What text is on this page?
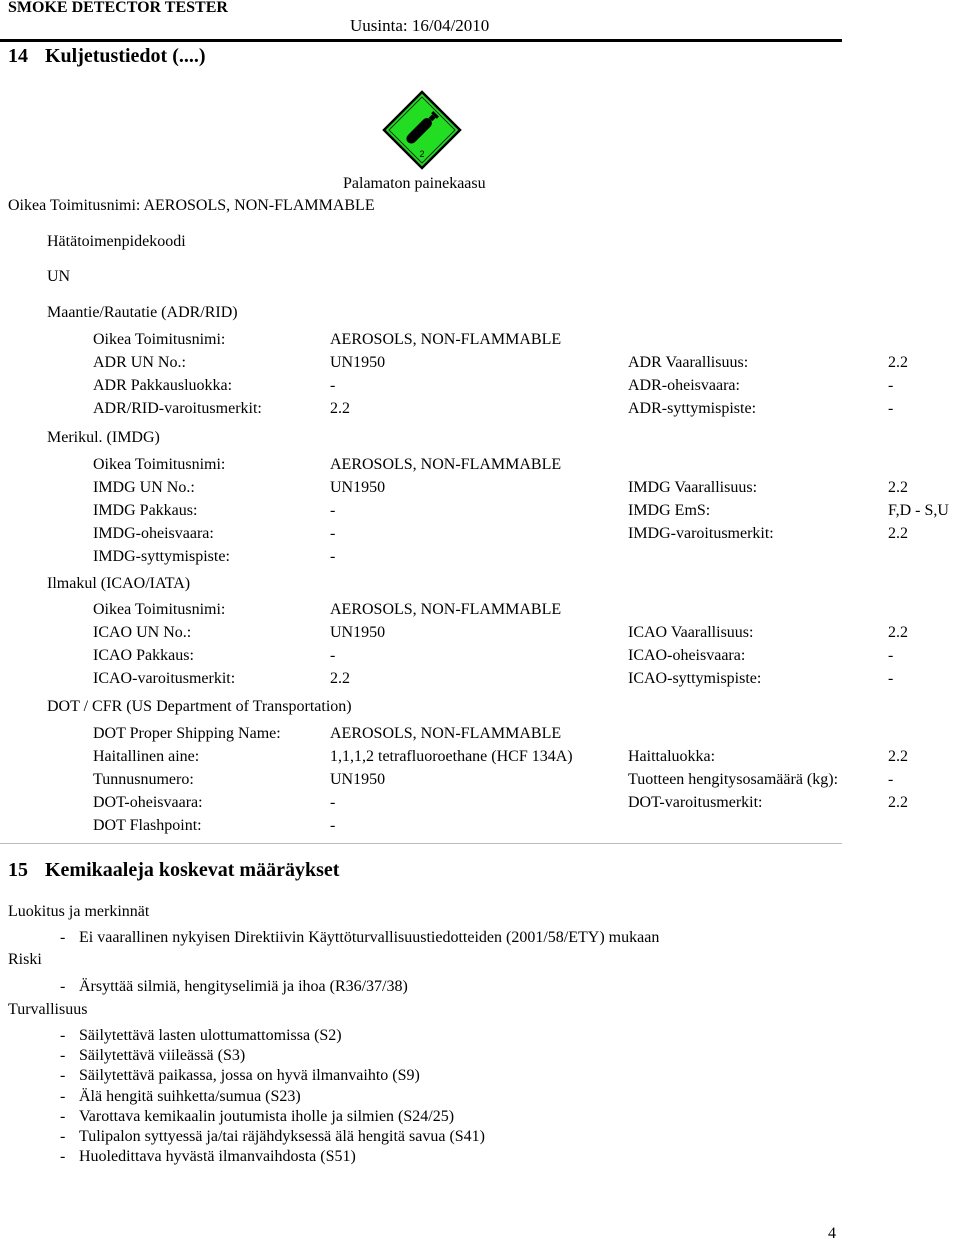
SMOKE DETECTOR TESTER
Uusinta: 16/04/2010
14 Kuljetustiedot (....)
2
Palamaton painekaasu
Oikea Toimitusnimi: AEROSOLS, NON-FLAMMABLE
Hätätoimenpidekoodi
UN
Maantie/Rautatie (ADR/RID)
Oikea Toimitusnimi:	AEROSOLS, NON-FLAMMABLE
ADR UN No.:	UN1950	ADR Vaarallisuus:	2.2
ADR Pakkausluokka:	-	ADR-oheisvaara:	-
ADR/RID-varoitusmerkit:	2.2	ADR-syttymispiste:	-
Merikul. (IMDG)
Oikea Toimitusnimi:	AEROSOLS, NON-FLAMMABLE
IMDG UN No.:	UN1950	IMDG Vaarallisuus:	2.2
IMDG Pakkaus:	-	IMDG EmS:	F,D - S,U
IMDG-oheisvaara:	-	IMDG-varoitusmerkit:	2.2
IMDG-syttymispiste:	-
Ilmakul (ICAO/IATA)
Oikea Toimitusnimi:	AEROSOLS, NON-FLAMMABLE
ICAO UN No.:	UN1950	ICAO Vaarallisuus:	2.2
ICAO Pakkaus:	-	ICAO-oheisvaara:	-
ICAO-varoitusmerkit:	2.2	ICAO-syttymispiste:	-
DOT / CFR (US Department of Transportation)
DOT Proper Shipping Name:	AEROSOLS, NON-FLAMMABLE
Haitallinen aine:	1,1,1,2 tetrafluoroethane (HCF 134A)	Haittaluokka:	2.2
Tunnusnumero:	UN1950	Tuotteen hengitysosamäärä (kg):	-
DOT-oheisvaara:	-	DOT-varoitusmerkit:	2.2
DOT Flashpoint:	-
15 Kemikaaleja koskevat määräykset
Luokitus ja merkinnät
- Ei vaarallinen nykyisen Direktiivin Käyttöturvallisuustiedotteiden (2001/58/ETY) mukaan
Riski
- Ärsyttää silmiä, hengityselimiä ja ihoa (R36/37/38)
Turvallisuus
- Säilytettävä lasten ulottumattomissa (S2)
- Säilytettävä viileässä (S3)
- Säilytettävä paikassa, jossa on hyvä ilmanvaihto (S9)
- Älä hengitä suihketta/sumua (S23)
- Varottava kemikaalin joutumista iholle ja silmien (S24/25)
- Tulipalon syttyessä ja/tai räjähdyksessä älä hengitä savua (S41)
- Huoledittava hyvästä ilmanvaihdosta (S51)
4
